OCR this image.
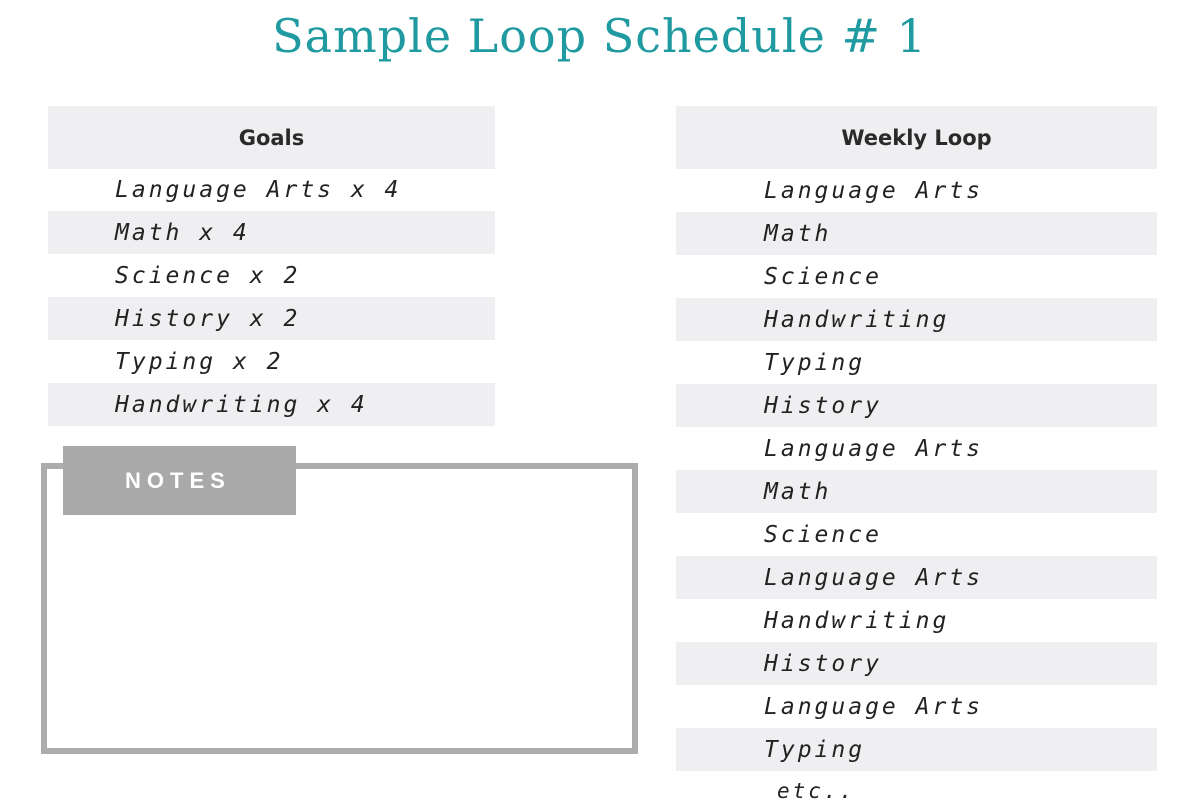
Sample Loop Schedule # 1
Goals
Language Arts x 4
Math x 4
Science x 2
History x 2
Typing x 2
Handwriting x 4
Weekly Loop
Language Arts
Math
Science
Handwriting
Typing
History
Language Arts
Math
Science
Language Arts
Handwriting
History
Language Arts
Typing
etc..
NOTES
